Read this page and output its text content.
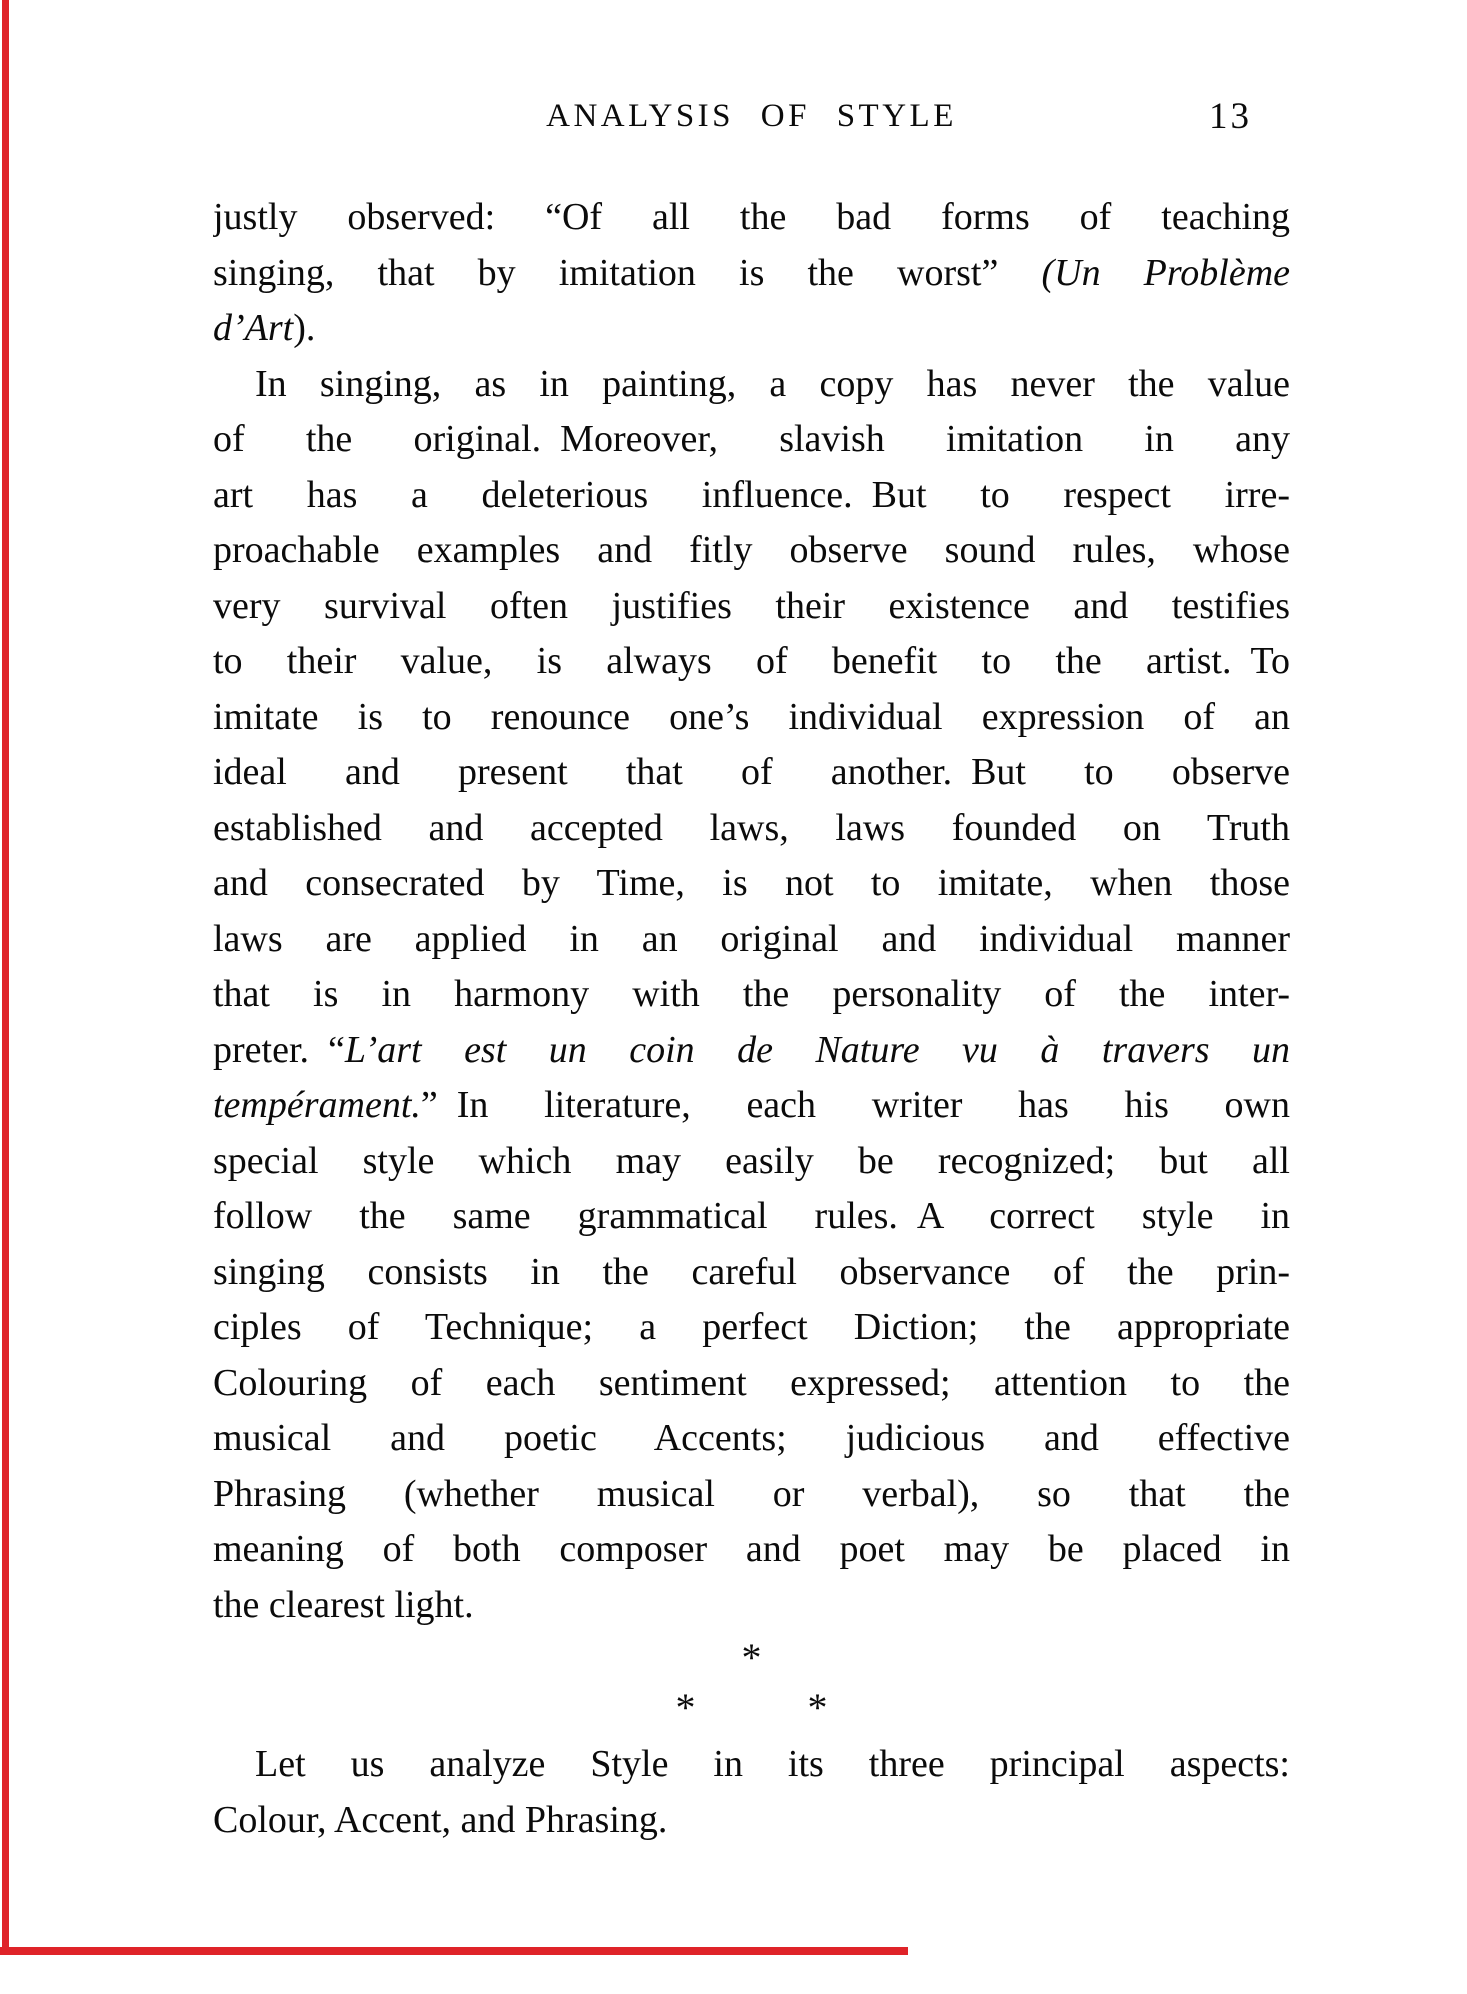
ANALYSIS OF STYLE	13
justly observed: “Of all the bad forms of teaching
singing, that by imitation is the worst” (Un Problème
d’Art).
In singing, as in painting, a copy has never the value
of the original. Moreover, slavish imitation in any
art has a deleterious influence. But to respect irre-
proachable examples and fitly observe sound rules, whose
very survival often justifies their existence and testifies
to their value, is always of benefit to the artist. To
imitate is to renounce one’s individual expression of an
ideal and present that of another. But to observe
established and accepted laws, laws founded on Truth
and consecrated by Time, is not to imitate, when those
laws are applied in an original and individual manner
that is in harmony with the personality of the inter-
preter. “L’art est un coin de Nature vu à travers un
tempérament.” In literature, each writer has his own
special style which may easily be recognized; but all
follow the same grammatical rules. A correct style in
singing consists in the careful observance of the prin-
ciples of Technique; a perfect Diction; the appropriate
Colouring of each sentiment expressed; attention to the
musical and poetic Accents; judicious and effective
Phrasing (whether musical or verbal), so that the
meaning of both composer and poet may be placed in
the clearest light.
*
*	*
Let us analyze Style in its three principal aspects:
Colour, Accent, and Phrasing.
